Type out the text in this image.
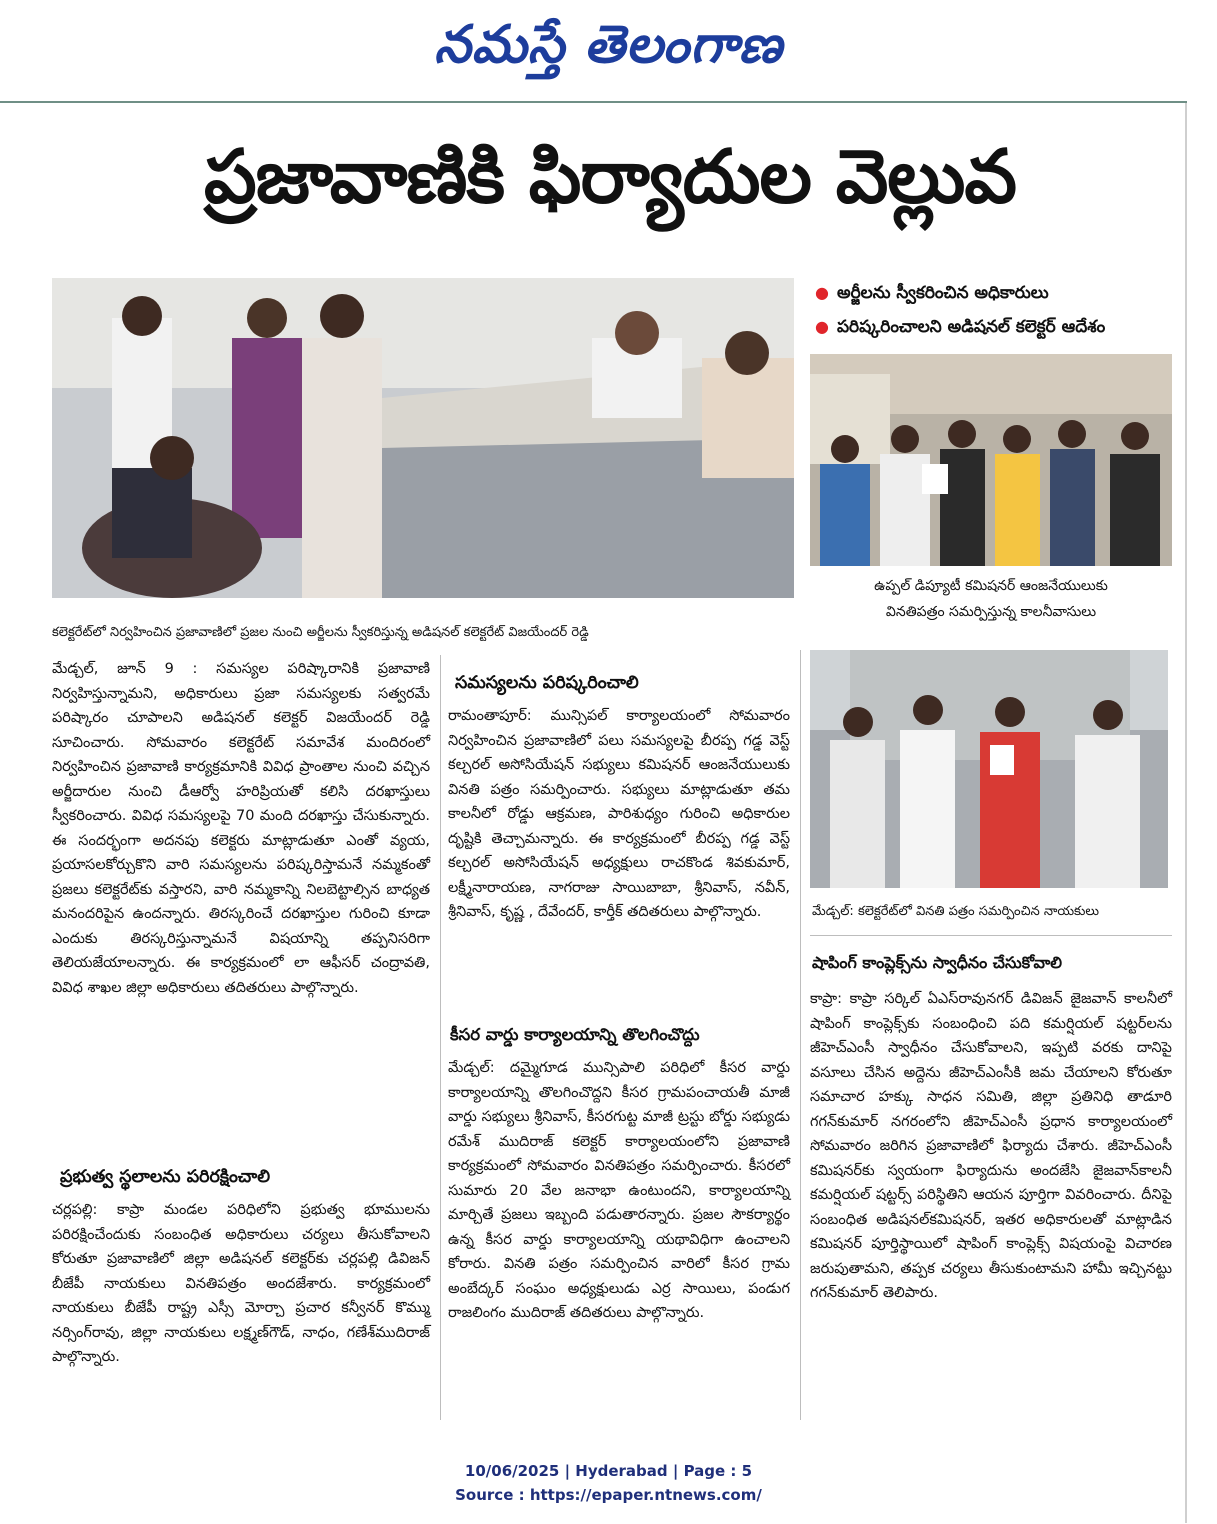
నమస్తే తెలంగాణ
ప్రజావాణికి ఫిర్యాదుల వెల్లువ
కలెక్టరేట్‌లో నిర్వహించిన ప్రజావాణిలో ప్రజల నుంచి అర్జీలను స్వీకరిస్తున్న అడిషనల్ కలెక్టరేట్ విజయేందర్ రెడ్డి
● అర్జీలను స్వీకరించిన అధికారులు
● పరిష్కరించాలని అడిషనల్ కలెక్టర్ ఆదేశం
ఉప్పల్ డిప్యూటీ కమిషనర్ ఆంజనేయులుకు
వినతిపత్రం సమర్పిస్తున్న కాలనీవాసులు
మేడ్చల్: కలెక్టరేట్‌లో వినతి పత్రం సమర్పించిన నాయకులు

మేడ్చల్, జూన్ 9 : సమస్యల పరిష్కారానికి ప్రజావాణి నిర్వహిస్తున్నామని, అధికారులు ప్రజా సమస్యలకు సత్వరమే పరిష్కారం చూపాలని అడిషనల్ కలెక్టర్ విజయేందర్ రెడ్డి సూచించారు. సోమవారం కలెక్టరేట్ సమావేశ మందిరంలో నిర్వహించిన ప్రజావాణి కార్యక్రమానికి వివిధ ప్రాంతాల నుంచి వచ్చిన అర్జీదారుల నుంచి డీఆర్వో హరిప్రియతో కలిసి దరఖాస్తులు స్వీకరించారు. వివిధ సమస్యలపై 70 మంది దరఖాస్తు చేసుకున్నారు. ఈ సందర్భంగా అదనపు కలెక్టరు మాట్లాడుతూ ఎంతో వ్యయ, ప్రయాసలకోర్చుకొని వారి సమస్యలను పరిష్కరిస్తామనే నమ్మకంతో ప్రజలు కలెక్టరేట్‌కు వస్తారని, వారి నమ్మకాన్ని నిలబెట్టాల్సిన బాధ్యత మనందరిపైన ఉందన్నారు. తిరస్కరించే దరఖాస్తుల గురించి కూడా ఎందుకు తిరస్కరిస్తున్నామనే విషయాన్ని తప్పనిసరిగా తెలియజేయాలన్నారు. ఈ కార్యక్రమంలో లా ఆఫీసర్ చంద్రావతి, వివిధ శాఖల జిల్లా అధికారులు తదితరులు పాల్గొన్నారు.

ప్రభుత్వ స్థలాలను పరిరక్షించాలి

చర్లపల్లి: కాప్రా మండల పరిధిలోని ప్రభుత్వ భూములను పరిరక్షించేందుకు సంబంధిత అధికారులు చర్యలు తీసుకోవాలని కోరుతూ ప్రజావాణిలో జిల్లా అడిషనల్ కలెక్టర్‌కు చర్లపల్లి డివిజన్ బీజేపీ నాయకులు వినతిపత్రం అందజేశారు. కార్యక్రమంలో నాయకులు బీజేపీ రాష్ట్ర ఎస్సీ మోర్చా ప్రచార కన్వీనర్ కొమ్ము నర్సింగ్‌రావు, జిల్లా నాయకులు లక్ష్మణ్‌గౌడ్, నాధం, గణేశ్‌ముదిరాజ్ పాల్గొన్నారు.

సమస్యలను పరిష్కరించాలి

రామంతాపూర్: మున్సిపల్ కార్యాలయంలో సోమవారం నిర్వహించిన ప్రజావాణిలో పలు సమస్యలపై బీరప్ప గడ్డ వెస్ట్ కల్చరల్ అసోసియేషన్ సభ్యులు కమిషనర్ ఆంజనేయులుకు వినతి పత్రం సమర్పించారు. సభ్యులు మాట్లాడుతూ తమ కాలనీలో రోడ్డు ఆక్రమణ, పారిశుధ్యం గురించి అధికారుల దృష్టికి తెచ్చామన్నారు. ఈ కార్యక్రమంలో బీరప్ప గడ్డ వెస్ట్ కల్చరల్ అసోసియేషన్ అధ్యక్షులు రాచకొండ శివకుమార్, లక్ష్మీనారాయణ, నాగరాజు సాయిబాబా, శ్రీనివాస్, నవీన్, శ్రీనివాస్, కృష్ణ , దేవేందర్, కార్తీక్ తదితరులు పాల్గొన్నారు.

కీసర వార్డు కార్యాలయాన్ని తొలగించొద్దు

మేడ్చల్: దమ్మైగూడ మున్సిపాలి పరిధిలో కీసర వార్డు కార్యాలయాన్ని తొలగించొద్దని కీసర గ్రామపంచాయతీ మాజీ వార్డు సభ్యులు శ్రీనివాస్, కీసరగుట్ట మాజీ ట్రస్టు బోర్డు సభ్యుడు రమేశ్ ముదిరాజ్ కలెక్టర్ కార్యాలయంలోని ప్రజావాణి కార్యక్రమంలో సోమవారం వినతిపత్రం సమర్పించారు. కీసరలో సుమారు 20 వేల జనాభా ఉంటుందని, కార్యాలయాన్ని మార్చితే ప్రజలు ఇబ్బంది పడుతారన్నారు. ప్రజల సౌకర్యార్థం ఉన్న కీసర వార్డు కార్యాలయాన్ని యథావిధిగా ఉంచాలని కోరారు. వినతి పత్రం సమర్పించిన వారిలో కీసర గ్రామ అంబేద్కర్ సంఘం అధ్యక్షులుడు ఎర్ర సాయిలు, పండుగ రాజలింగం ముదిరాజ్ తదితరులు పాల్గొన్నారు.

షాపింగ్ కాంప్లెక్స్‌ను స్వాధీనం చేసుకోవాలి

కాప్రా: కాప్రా సర్కిల్ ఏఎస్‌రావునగర్ డివిజన్ జైజవాన్ కాలనీలో షాపింగ్ కాంప్లెక్స్‌కు సంబంధించి పది కమర్షియల్ షట్టర్‌లను జీహెచ్‌ఎంసీ స్వాధీనం చేసుకోవాలని, ఇప్పటి వరకు దానిపై వసూలు చేసిన అద్దెను జీహెచ్‌ఎంసీకి జమ చేయాలని కోరుతూ సమాచార హక్కు సాధన సమితి, జిల్లా ప్రతినిధి తాడూరి గగన్‌కుమార్ నగరంలోని జీహెచ్‌ఎంసీ ప్రధాన కార్యాలయంలో సోమవారం జరిగిన ప్రజావాణిలో ఫిర్యాదు చేశారు. జీహెచ్‌ఎంసీ కమిషనర్‌కు స్వయంగా ఫిర్యాదును అందజేసి జైజవాన్‌కాలనీ కమర్షియల్ షట్టర్స్ పరిస్థితిని ఆయన పూర్తిగా వివరించారు. దీనిపై సంబంధిత అడిషనల్‌కమిషనర్, ఇతర అధికారులతో మాట్లాడిన కమిషనర్ పూర్తిస్థాయిలో షాపింగ్ కాంప్లెక్స్ విషయంపై విచారణ జరుపుతామని, తప్పక చర్యలు తీసుకుంటామని హామీ ఇచ్చినట్టు గగన్‌కుమార్ తెలిపారు.

10/06/2025 | Hyderabad | Page : 5
Source : https://epaper.ntnews.com/
